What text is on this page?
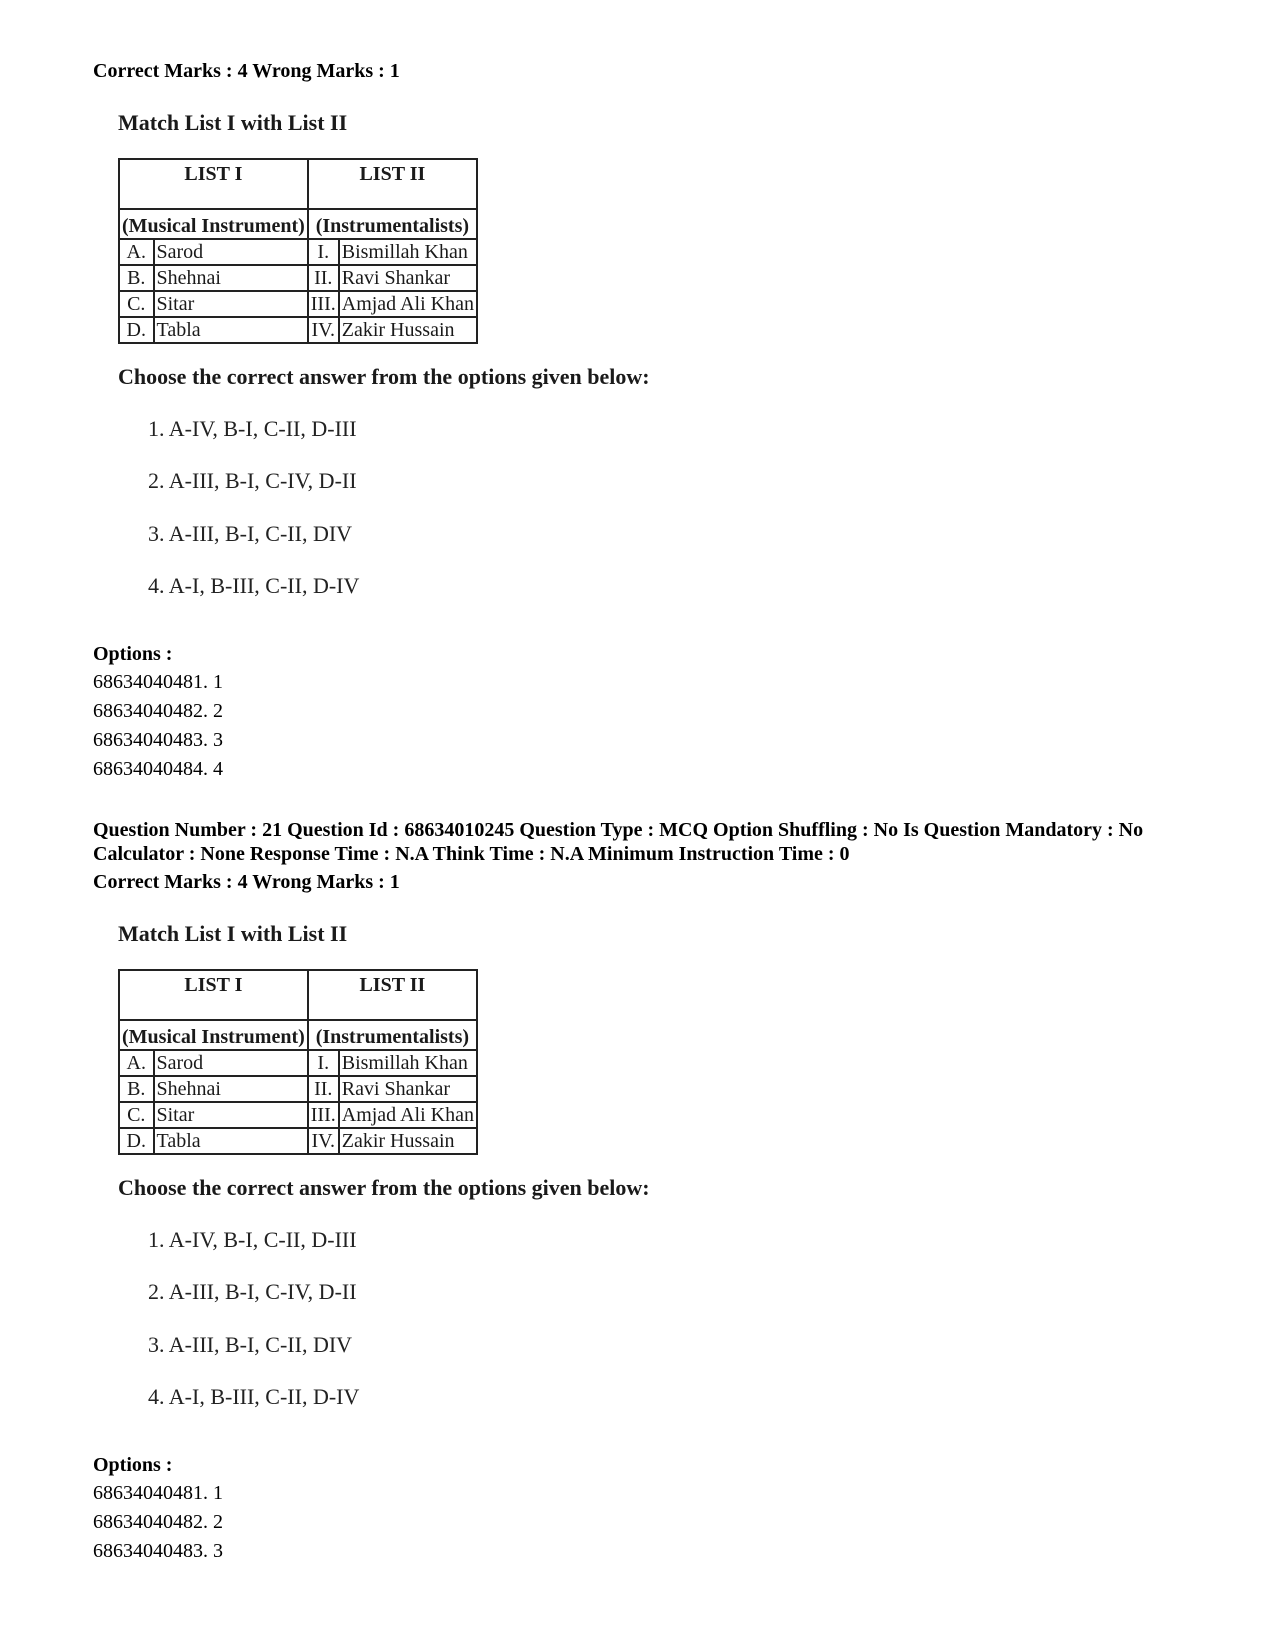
Correct Marks : 4 Wrong Marks : 1
Match List I with List II
LIST I		LIST II	
(Musical Instrument)		(Instrumentalists)	
A.	Sarod	I.	Bismillah Khan
B.	Shehnai	II.	Ravi Shankar
C.	Sitar	III.	Amjad Ali Khan
D.	Tabla	IV.	Zakir Hussain
Choose the correct answer from the options given below:
1. A-IV, B-I, C-II, D-III
2. A-III, B-I, C-IV, D-II
3. A-III, B-I, C-II, DIV
4. A-I, B-III, C-II, D-IV
Options :
68634040481. 1
68634040482. 2
68634040483. 3
68634040484. 4
Question Number : 21 Question Id : 68634010245 Question Type : MCQ Option Shuffling : No Is Question Mandatory : No Calculator : None Response Time : N.A Think Time : N.A Minimum Instruction Time : 0
Correct Marks : 4 Wrong Marks : 1
Match List I with List II
LIST I		LIST II	
(Musical Instrument)		(Instrumentalists)	
A.	Sarod	I.	Bismillah Khan
B.	Shehnai	II.	Ravi Shankar
C.	Sitar	III.	Amjad Ali Khan
D.	Tabla	IV.	Zakir Hussain
Choose the correct answer from the options given below:
1. A-IV, B-I, C-II, D-III
2. A-III, B-I, C-IV, D-II
3. A-III, B-I, C-II, DIV
4. A-I, B-III, C-II, D-IV
Options :
68634040481. 1
68634040482. 2
68634040483. 3
